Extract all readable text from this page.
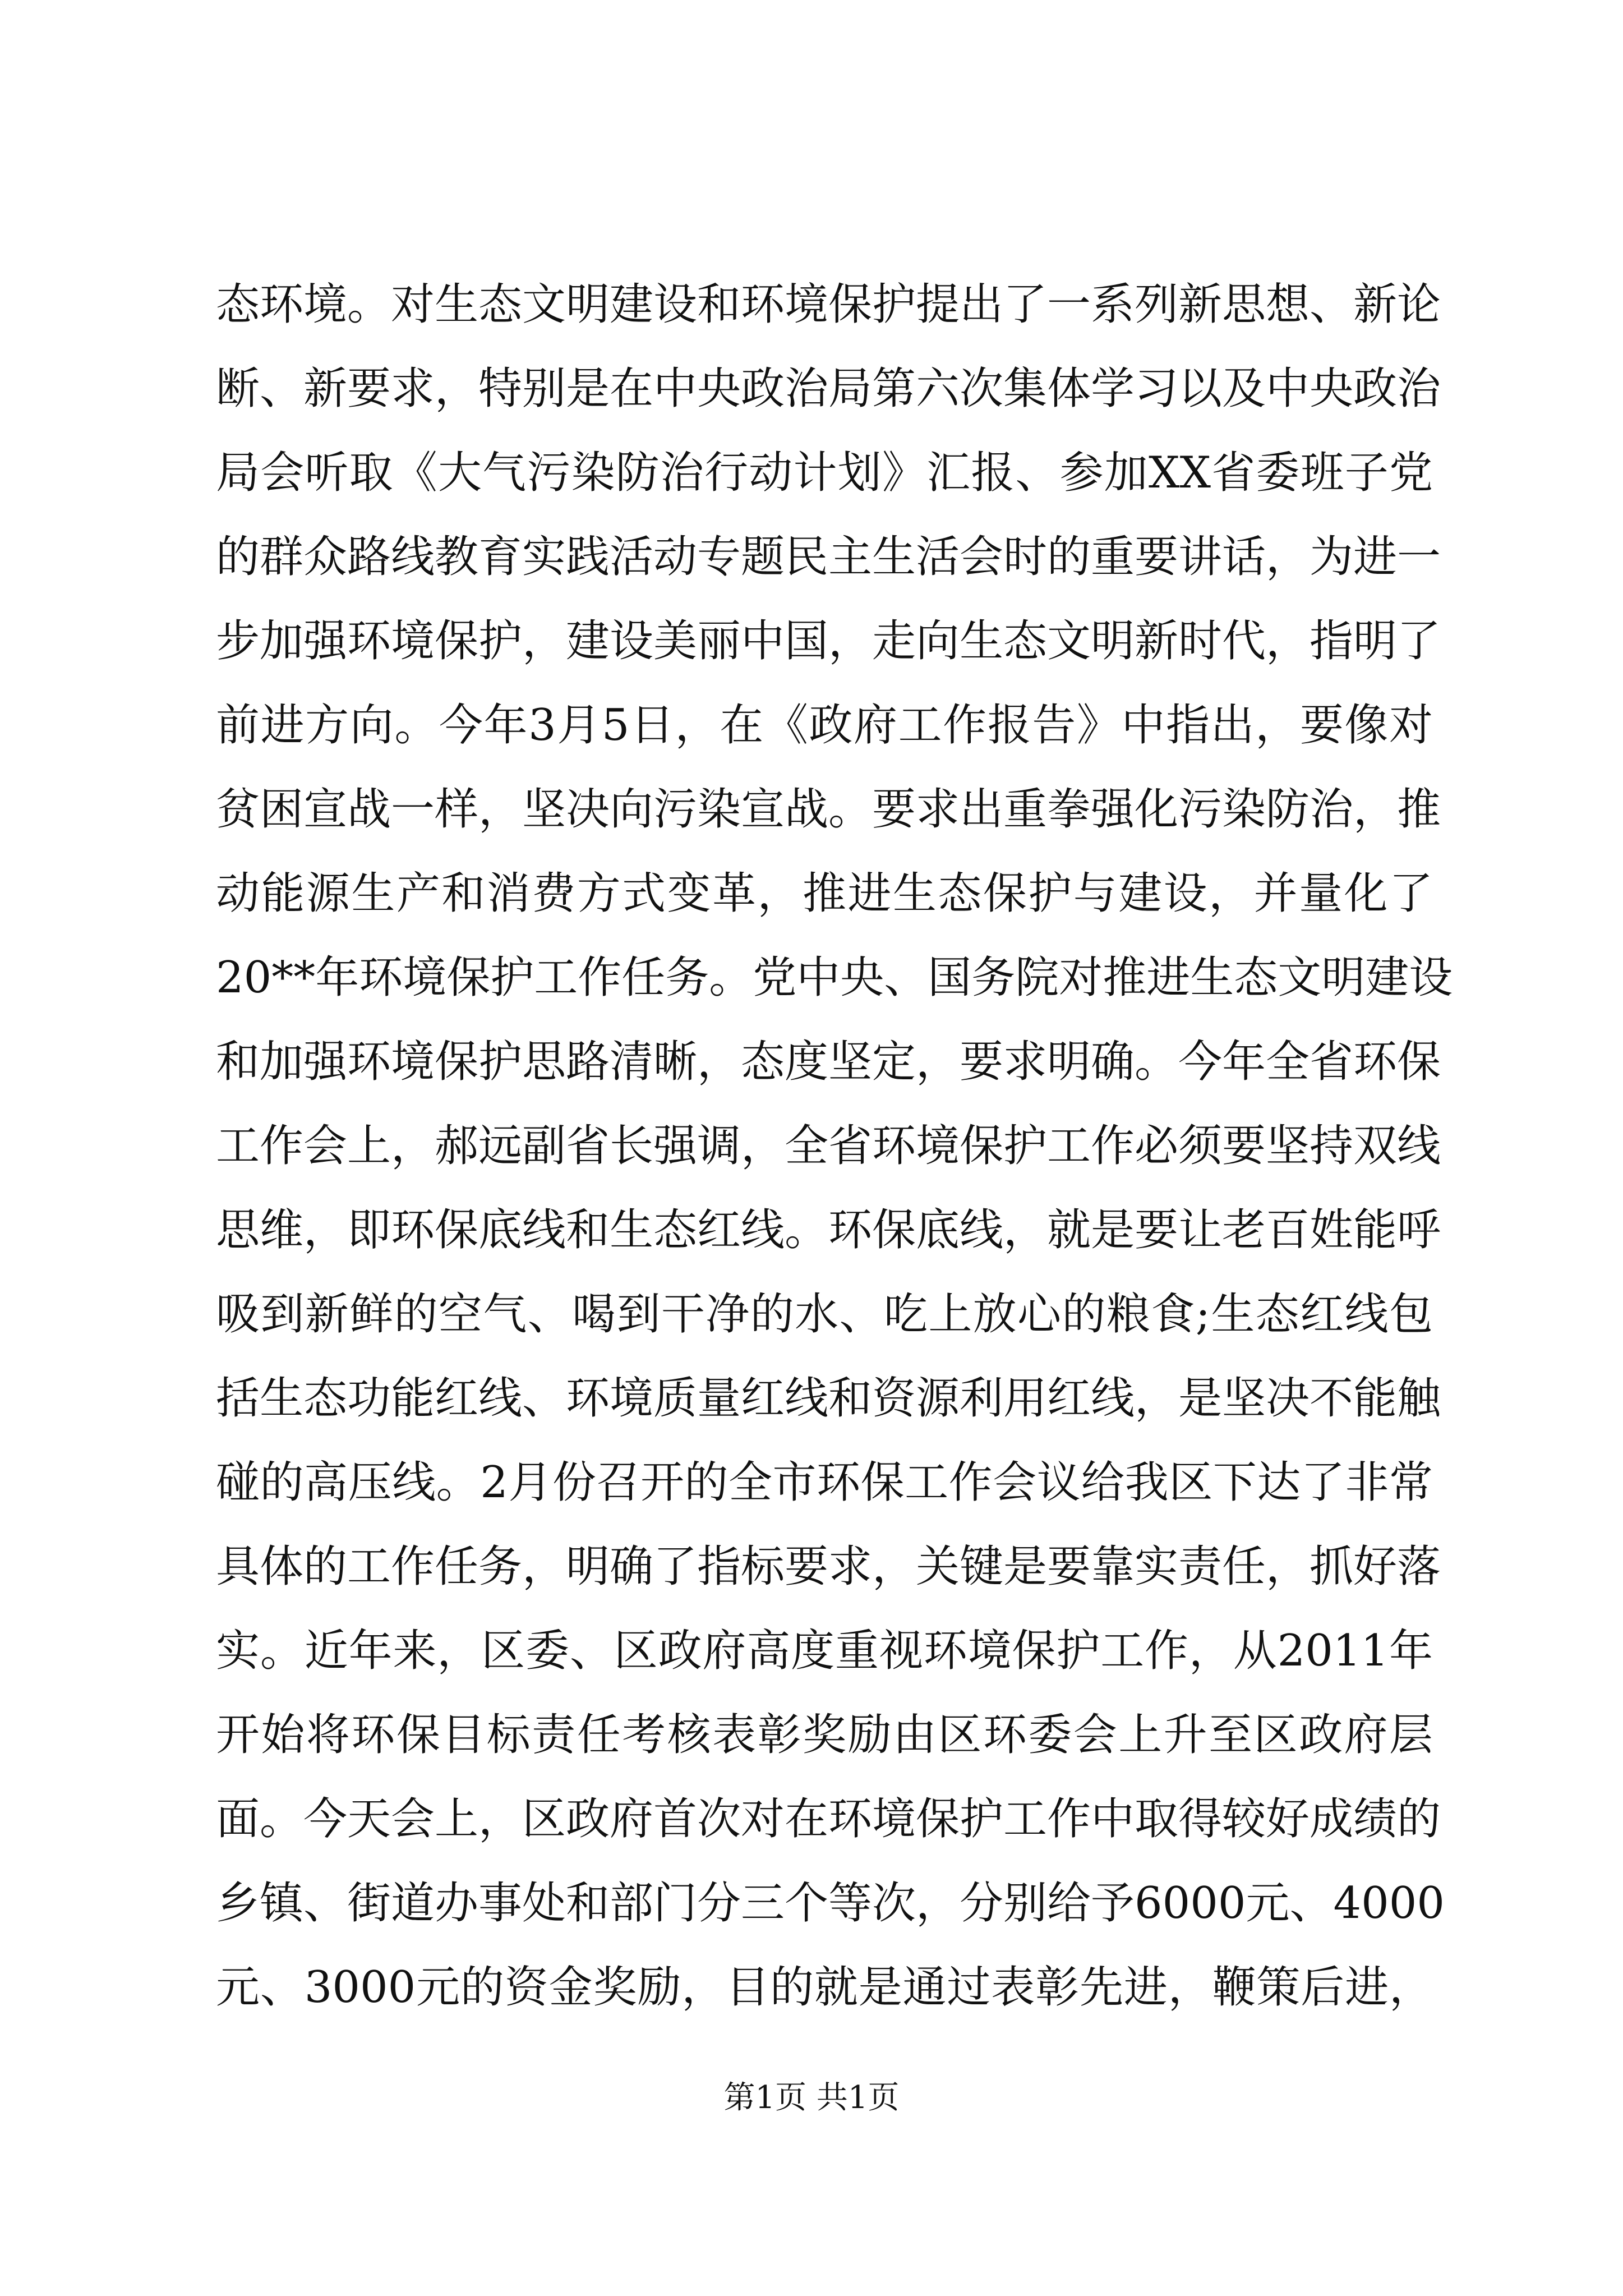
态环境。对生态文明建设和环境保护提出了一系列新思想、新论
断、新要求，特别是在中央政治局第六次集体学习以及中央政治
局会听取《大气污染防治行动计划》汇报、参加XX省委班子党
的群众路线教育实践活动专题民主生活会时的重要讲话，为进一
步加强环境保护，建设美丽中国，走向生态文明新时代，指明了
前进方向。今年3月5日，在《政府工作报告》中指出，要像对
贫困宣战一样，坚决向污染宣战。要求出重拳强化污染防治，推
动能源生产和消费方式变革，推进生态保护与建设，并量化了
20**年环境保护工作任务。党中央、国务院对推进生态文明建设
和加强环境保护思路清晰，态度坚定，要求明确。今年全省环保
工作会上，郝远副省长强调，全省环境保护工作必须要坚持双线
思维，即环保底线和生态红线。环保底线，就是要让老百姓能呼
吸到新鲜的空气、喝到干净的水、吃上放心的粮食;生态红线包
括生态功能红线、环境质量红线和资源利用红线，是坚决不能触
碰的高压线。2月份召开的全市环保工作会议给我区下达了非常
具体的工作任务，明确了指标要求，关键是要靠实责任，抓好落
实。近年来，区委、区政府高度重视环境保护工作，从2011年
开始将环保目标责任考核表彰奖励由区环委会上升至区政府层
面。今天会上，区政府首次对在环境保护工作中取得较好成绩的
乡镇、街道办事处和部门分三个等次，分别给予6000元、4000
元、3000元的资金奖励，目的就是通过表彰先进，鞭策后进，
第1页 共1页
